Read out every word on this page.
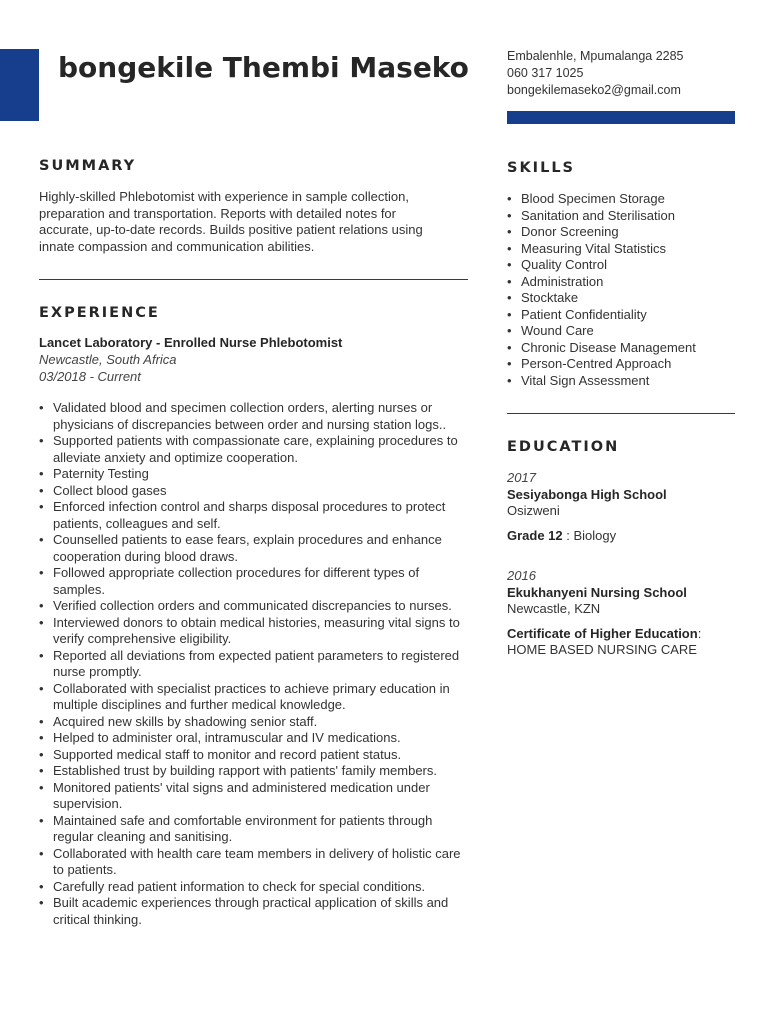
bongekile Thembi Maseko	Embalenhle, Mpumalanga 2285
060 317 1025
bongekilemaseko2@gmail.com
SUMMARY

Highly-skilled Phlebotomist with experience in sample collection, preparation and transportation. Reports with detailed notes for accurate, up-to-date records. Builds positive patient relations using innate compassion and communication abilities.

EXPERIENCE
Lancet Laboratory - Enrolled Nurse Phlebotomist
Newcastle, South Africa
03/2018 - Current
• Validated blood and specimen collection orders, alerting nurses or physicians of discrepancies between order and nursing station logs..
• Supported patients with compassionate care, explaining procedures to alleviate anxiety and optimize cooperation.
• Paternity Testing
• Collect blood gases
• Enforced infection control and sharps disposal procedures to protect patients, colleagues and self.
• Counselled patients to ease fears, explain procedures and enhance cooperation during blood draws.
• Followed appropriate collection procedures for different types of samples.
• Verified collection orders and communicated discrepancies to nurses.
• Interviewed donors to obtain medical histories, measuring vital signs to verify comprehensive eligibility.
• Reported all deviations from expected patient parameters to registered nurse promptly.
• Collaborated with specialist practices to achieve primary education in multiple disciplines and further medical knowledge.
• Acquired new skills by shadowing senior staff.
• Helped to administer oral, intramuscular and IV medications.
• Supported medical staff to monitor and record patient status.
• Established trust by building rapport with patients' family members.
• Monitored patients' vital signs and administered medication under supervision.
• Maintained safe and comfortable environment for patients through regular cleaning and sanitising.
• Collaborated with health care team members in delivery of holistic care to patients.
• Carefully read patient information to check for special conditions.
• Built academic experiences through practical application of skills and critical thinking.
SKILLS
• Blood Specimen Storage
• Sanitation and Sterilisation
• Donor Screening
• Measuring Vital Statistics
• Quality Control
• Administration
• Stocktake
• Patient Confidentiality
• Wound Care
• Chronic Disease Management
• Person-Centred Approach
• Vital Sign Assessment
EDUCATION
2017
Sesiyabonga High School
Osizweni
Grade 12 : Biology
2016
Ekukhanyeni Nursing School
Newcastle, KZN
Certificate of Higher Education:
HOME BASED NURSING CARE
